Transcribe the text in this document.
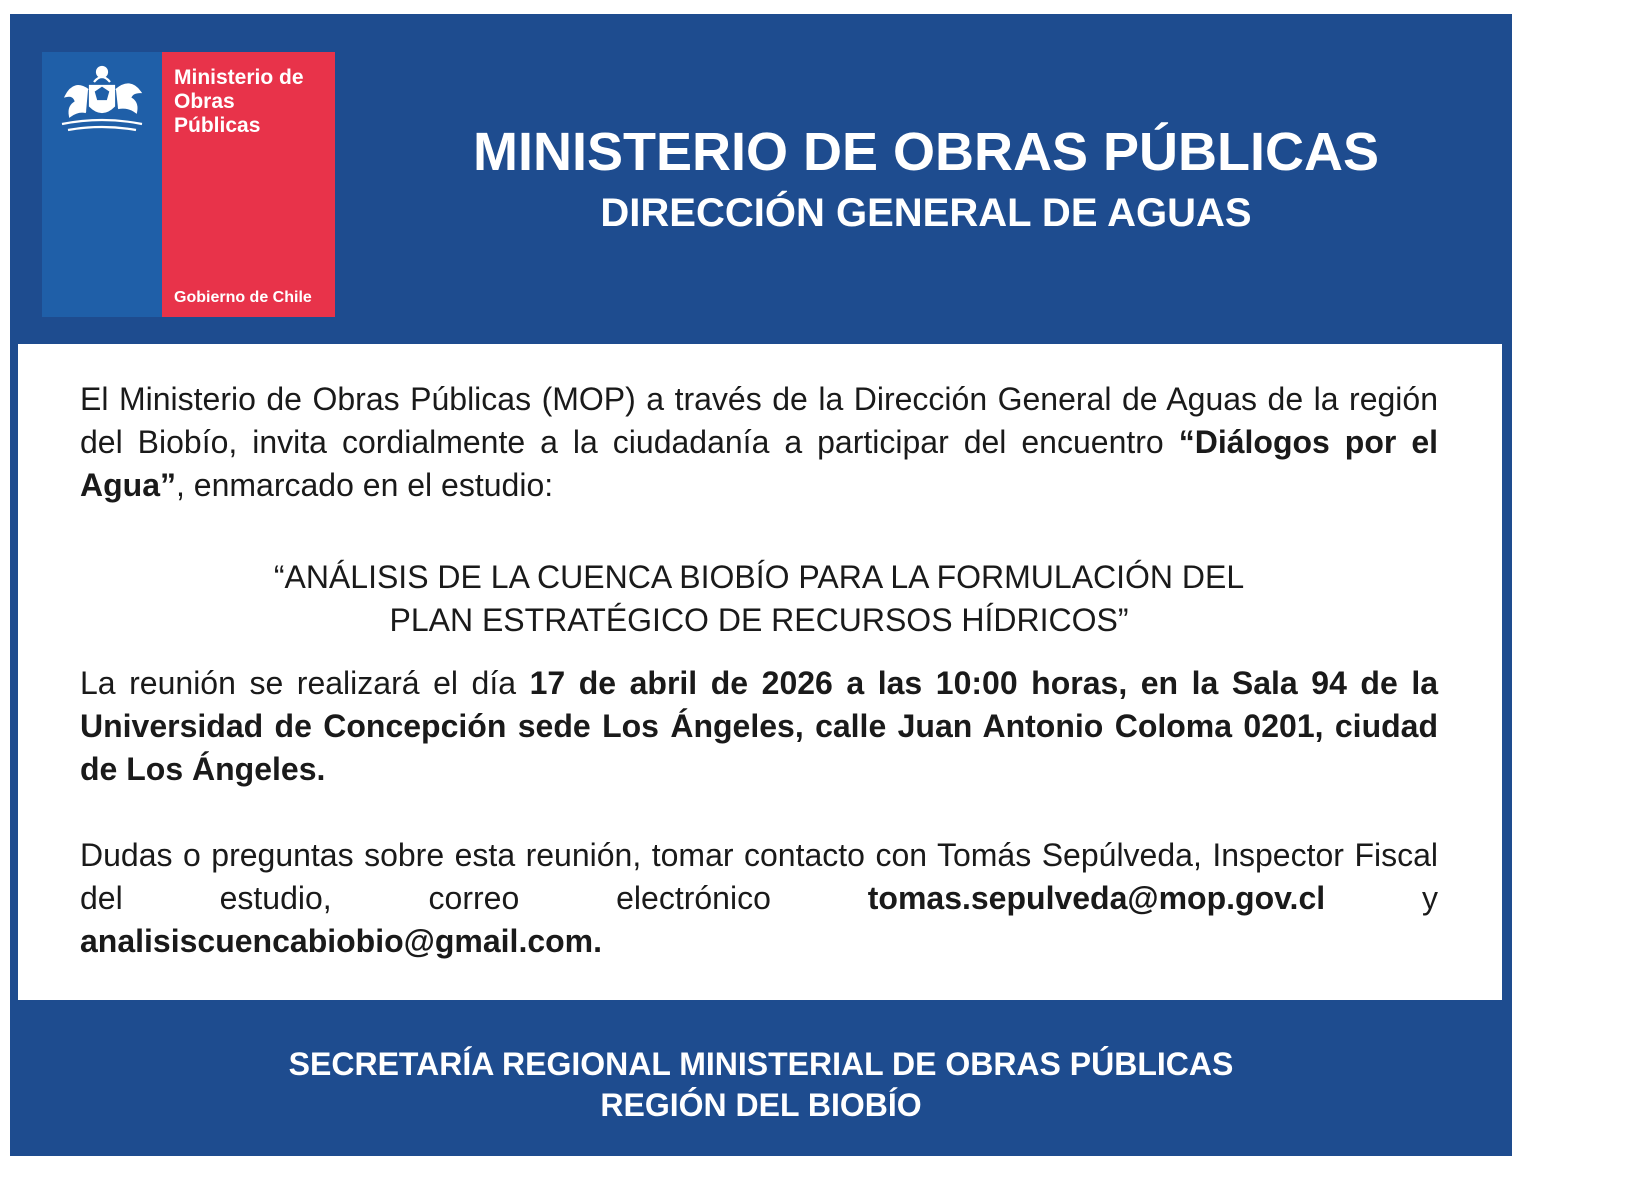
Ministerio de
Obras
Públicas
Gobierno de Chile
MINISTERIO DE OBRAS PÚBLICAS
DIRECCIÓN GENERAL DE AGUAS
El Ministerio de Obras Públicas (MOP) a través de la Dirección General de Aguas de la región del Biobío, invita cordialmente a la ciudadanía a participar del encuentro “Diálogos por el Agua”, enmarcado en el estudio:
“ANÁLISIS DE LA CUENCA BIOBÍO PARA LA FORMULACIÓN DEL
PLAN ESTRATÉGICO DE RECURSOS HÍDRICOS”
La reunión se realizará el día 17 de abril de 2026 a las 10:00 horas, en la Sala 94 de la Universidad de Concepción sede Los Ángeles, calle Juan Antonio Coloma 0201, ciudad de Los Ángeles.
Dudas o preguntas sobre esta reunión, tomar contacto con Tomás Sepúlveda, Inspector Fiscal del estudio, correo electrónico tomas.sepulveda@mop.gov.cl y analisiscuencabiobio@gmail.com.
SECRETARÍA REGIONAL MINISTERIAL DE OBRAS PÚBLICAS
REGIÓN DEL BIOBÍO
